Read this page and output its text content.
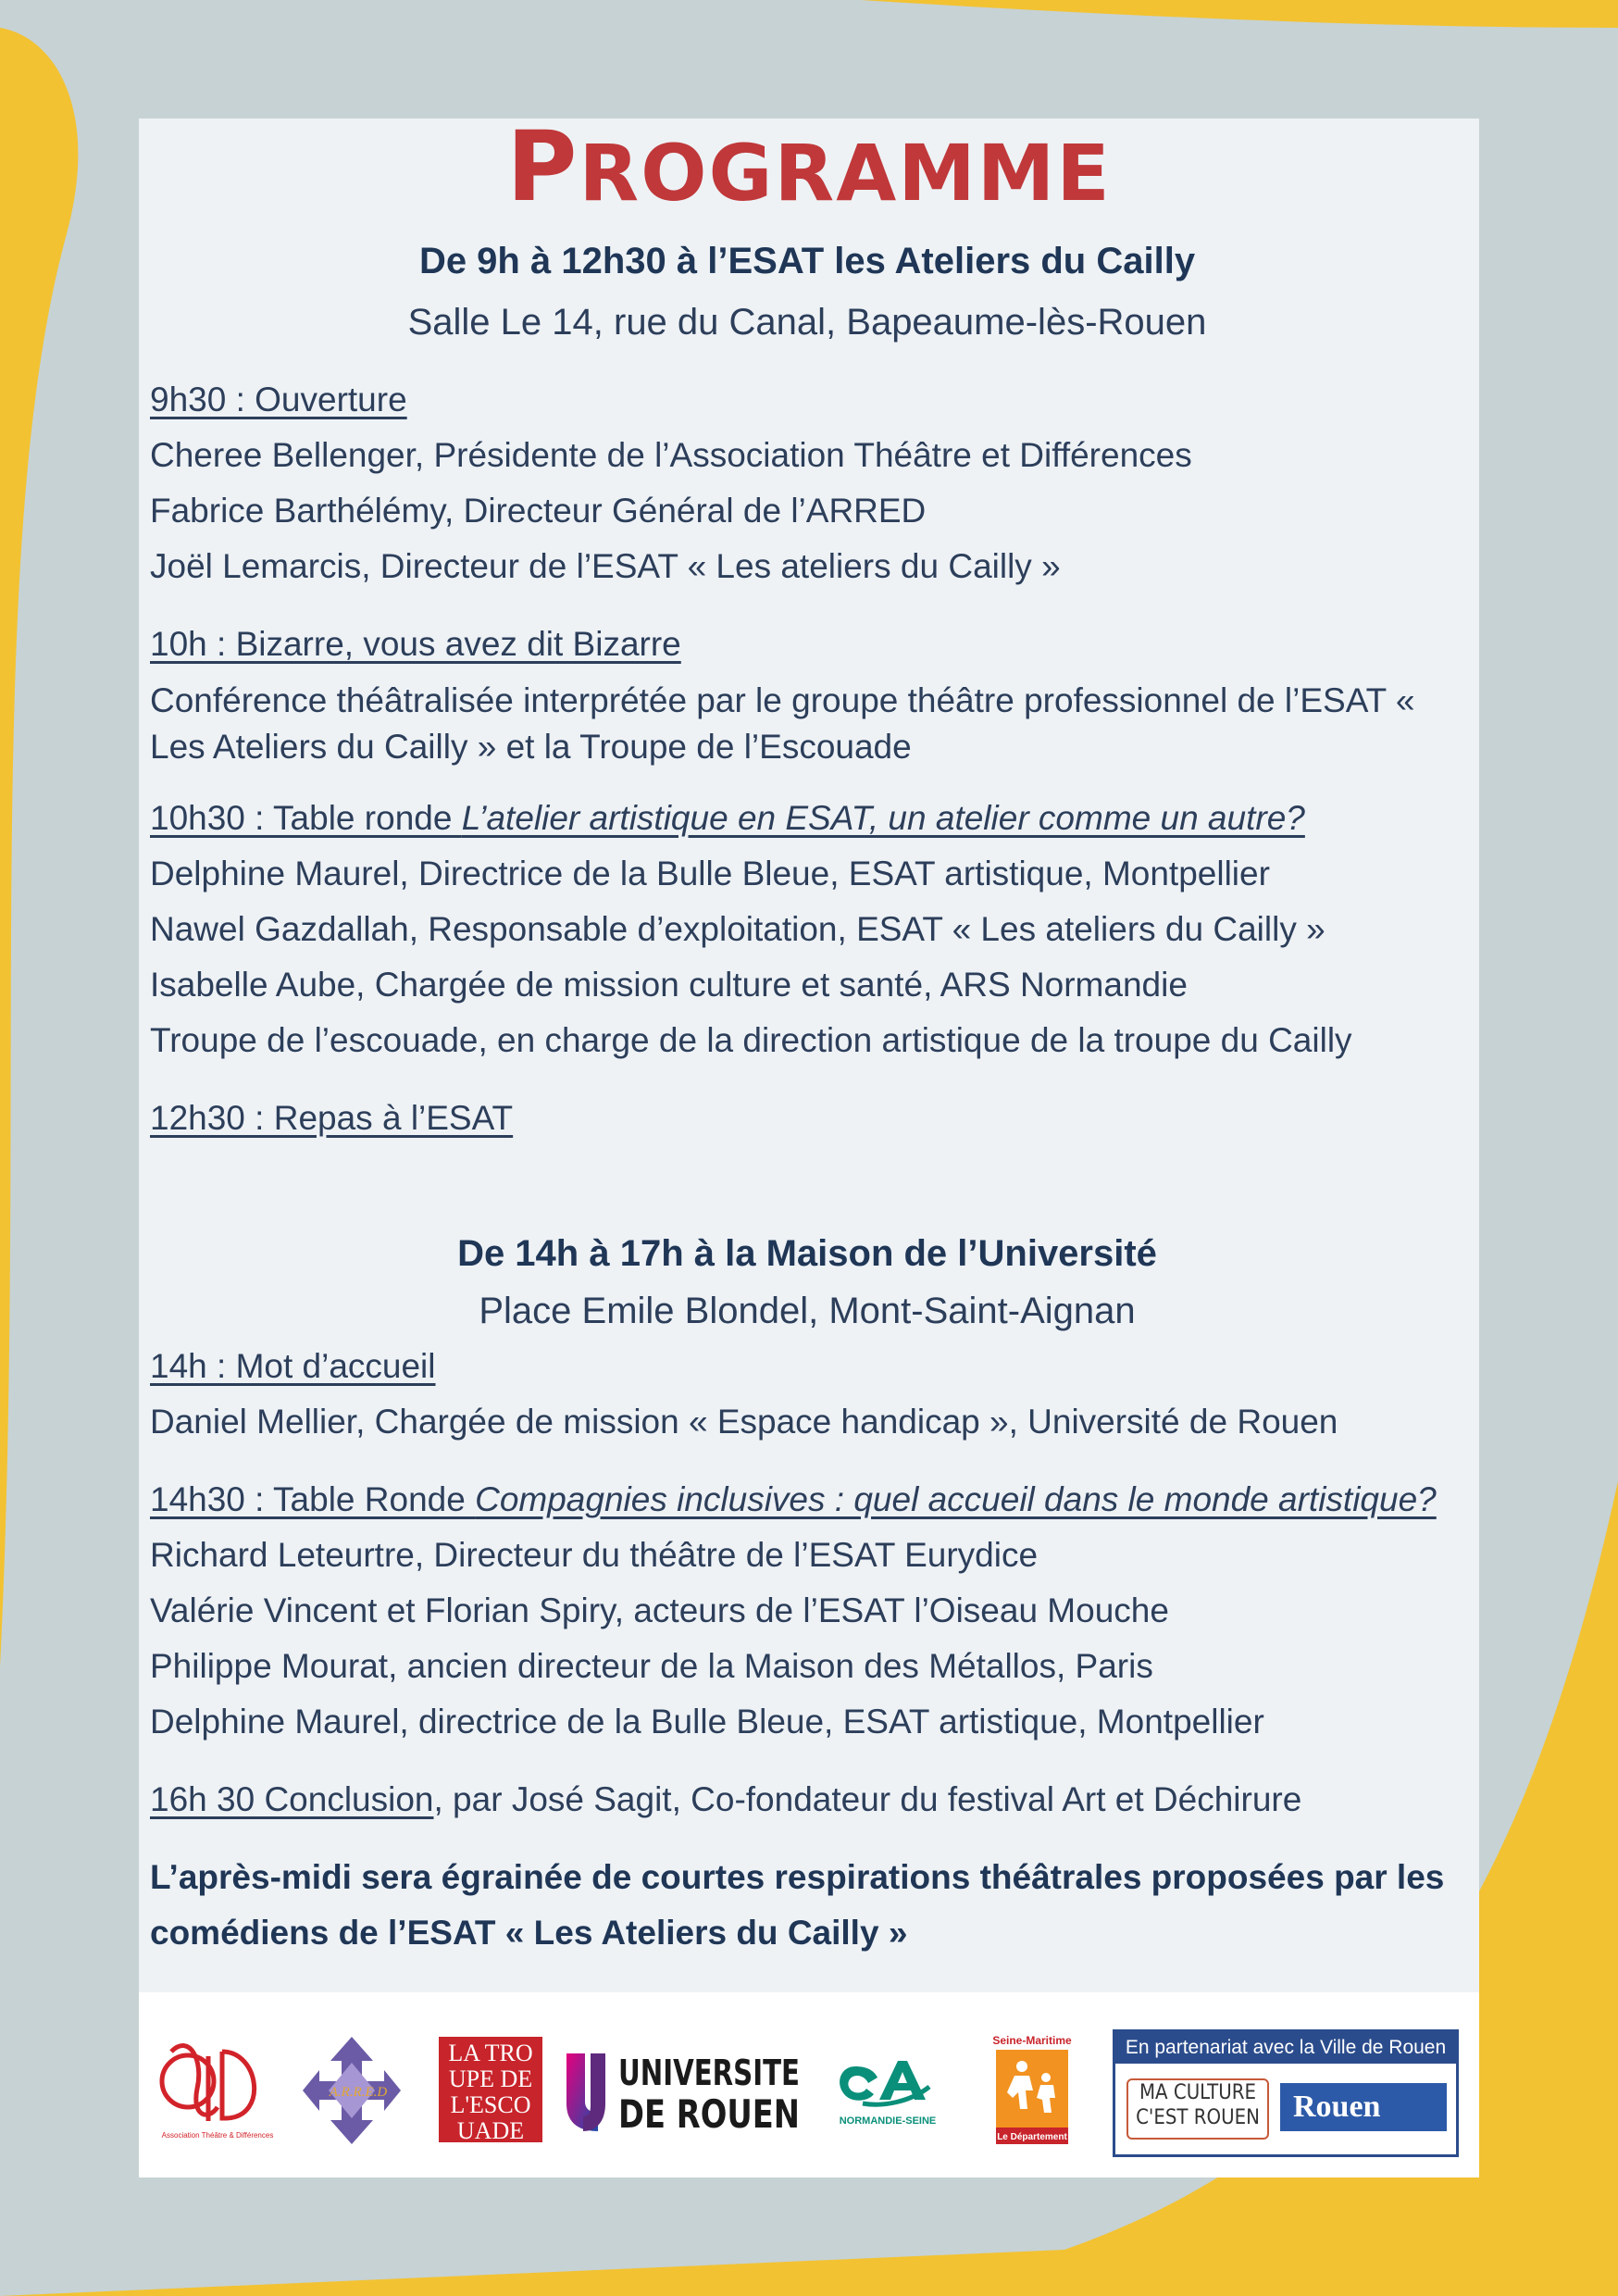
PROGRAMME
De 9h à 12h30 à l’ESAT les Ateliers du Cailly
Salle Le 14, rue du Canal, Bapeaume-lès-Rouen
9h30 : Ouverture
Cheree Bellenger, Présidente de l’Association Théâtre et Différences
Fabrice Barthélémy, Directeur Général de l’ARRED
Joël Lemarcis, Directeur de l’ESAT « Les ateliers du Cailly »
10h : Bizarre, vous avez dit Bizarre
Conférence théâtralisée interprétée par le groupe théâtre professionnel de l’ESAT « Les Ateliers du Cailly » et la Troupe de l’Escouade
10h30 : Table ronde L’atelier artistique en ESAT, un atelier comme un autre?
Delphine Maurel, Directrice de la Bulle Bleue, ESAT artistique, Montpellier
Nawel Gazdallah, Responsable d’exploitation, ESAT « Les ateliers du Cailly »
Isabelle Aube, Chargée de mission culture et santé, ARS Normandie
Troupe de l’escouade, en charge de la direction artistique de la troupe du Cailly
12h30 : Repas à l’ESAT
De 14h à 17h à la Maison de l’Université
Place Emile Blondel, Mont-Saint-Aignan
14h : Mot d’accueil
Daniel Mellier, Chargée de mission « Espace handicap », Université de Rouen
14h30 : Table Ronde Compagnies inclusives : quel accueil dans le monde artistique?
Richard Leteurtre, Directeur du théâtre de l’ESAT Eurydice
Valérie Vincent et Florian Spiry, acteurs de l’ESAT l’Oiseau Mouche
Philippe Mourat, ancien directeur de la Maison des Métallos, Paris
Delphine Maurel, directrice de la Bulle Bleue, ESAT artistique, Montpellier
16h 30 Conclusion, par José Sagit, Co-fondateur du festival Art et Déchirure
L’après-midi sera égrainée de courtes respirations théâtrales proposées par les comédiens de l’ESAT « Les Ateliers du Cailly »
Association Théâtre & Différences
A.R.R.E.D
LA TRO
UPE DE
L'ESCO
UADE
UNIVERSITE
DE ROUEN	NORMANDIE-SEINE
Seine-Maritime
Le Département
En partenariat avec la Ville de Rouen
MA CULTURE
C'EST ROUEN	Rouen
